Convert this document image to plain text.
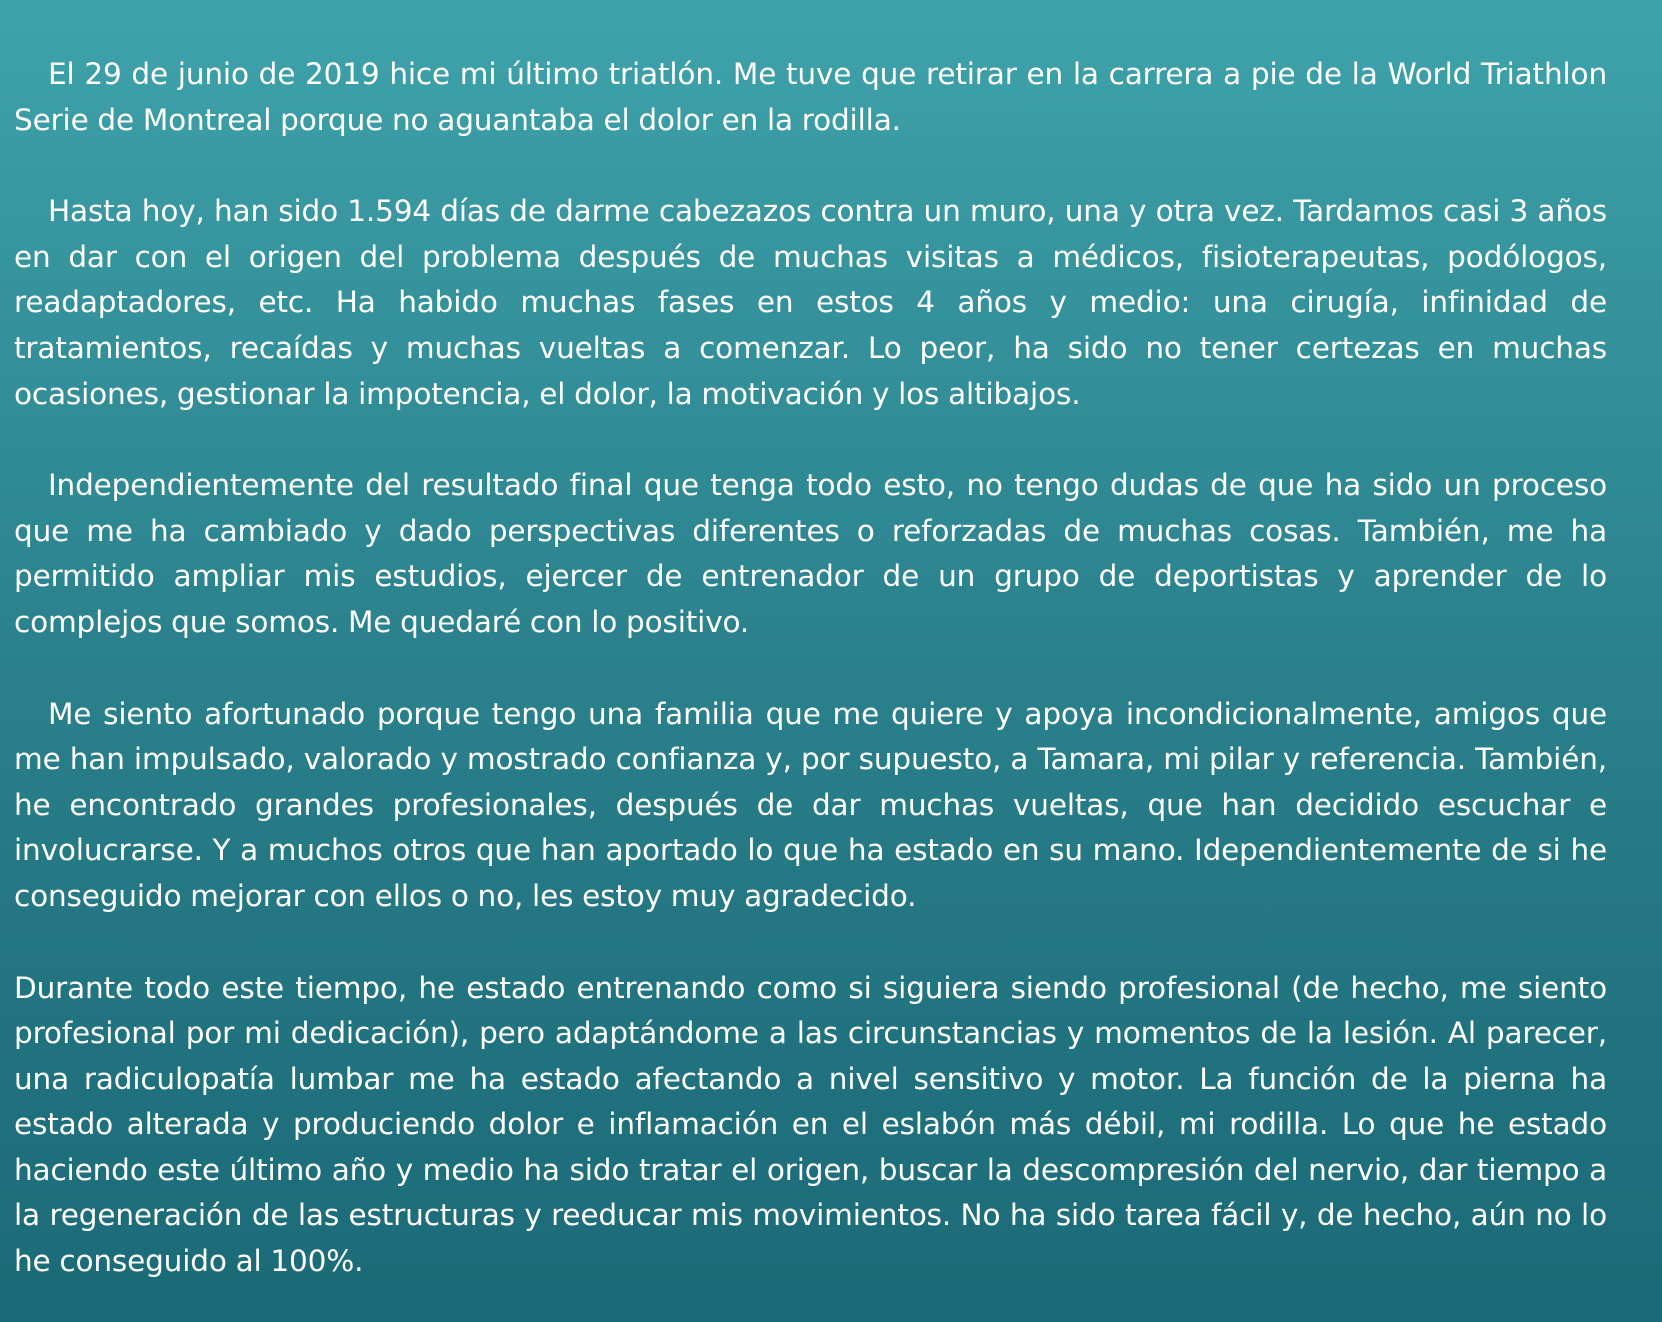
El 29 de junio de 2019 hice mi último triatlón. Me tuve que retirar en la carrera a pie de la World Triathlon Serie de Montreal porque no aguantaba el dolor en la rodilla.

Hasta hoy, han sido 1.594 días de darme cabezazos contra un muro, una y otra vez. Tardamos casi 3 años en dar con el origen del problema después de muchas visitas a médicos, fisioterapeutas, podólogos, readaptadores, etc. Ha habido muchas fases en estos 4 años y medio: una cirugía, infinidad de tratamientos, recaídas y muchas vueltas a comenzar. Lo peor, ha sido no tener certezas en muchas ocasiones, gestionar la impotencia, el dolor, la motivación y los altibajos.

Independientemente del resultado final que tenga todo esto, no tengo dudas de que ha sido un proceso que me ha cambiado y dado perspectivas diferentes o reforzadas de muchas cosas. También, me ha permitido ampliar mis estudios, ejercer de entrenador de un grupo de deportistas y aprender de lo complejos que somos. Me quedaré con lo positivo.

Me siento afortunado porque tengo una familia que me quiere y apoya incondicionalmente, amigos que me han impulsado, valorado y mostrado confianza y, por supuesto, a Tamara, mi pilar y referencia. También, he encontrado grandes profesionales, después de dar muchas vueltas, que han decidido escuchar e involucrarse. Y a muchos otros que han aportado lo que ha estado en su mano. Idependientemente de si he conseguido mejorar con ellos o no, les estoy muy agradecido.

Durante todo este tiempo, he estado entrenando como si siguiera siendo profesional (de hecho, me siento profesional por mi dedicación), pero adaptándome a las circunstancias y momentos de la lesión. Al parecer, una radiculopatía lumbar me ha estado afectando a nivel sensitivo y motor. La función de la pierna ha estado alterada y produciendo dolor e inflamación en el eslabón más débil, mi rodilla. Lo que he estado haciendo este último año y medio ha sido tratar el origen, buscar la descompresión del nervio, dar tiempo a la regeneración de las estructuras y reeducar mis movimientos. No ha sido tarea fácil y, de hecho, aún no lo he conseguido al 100%.
